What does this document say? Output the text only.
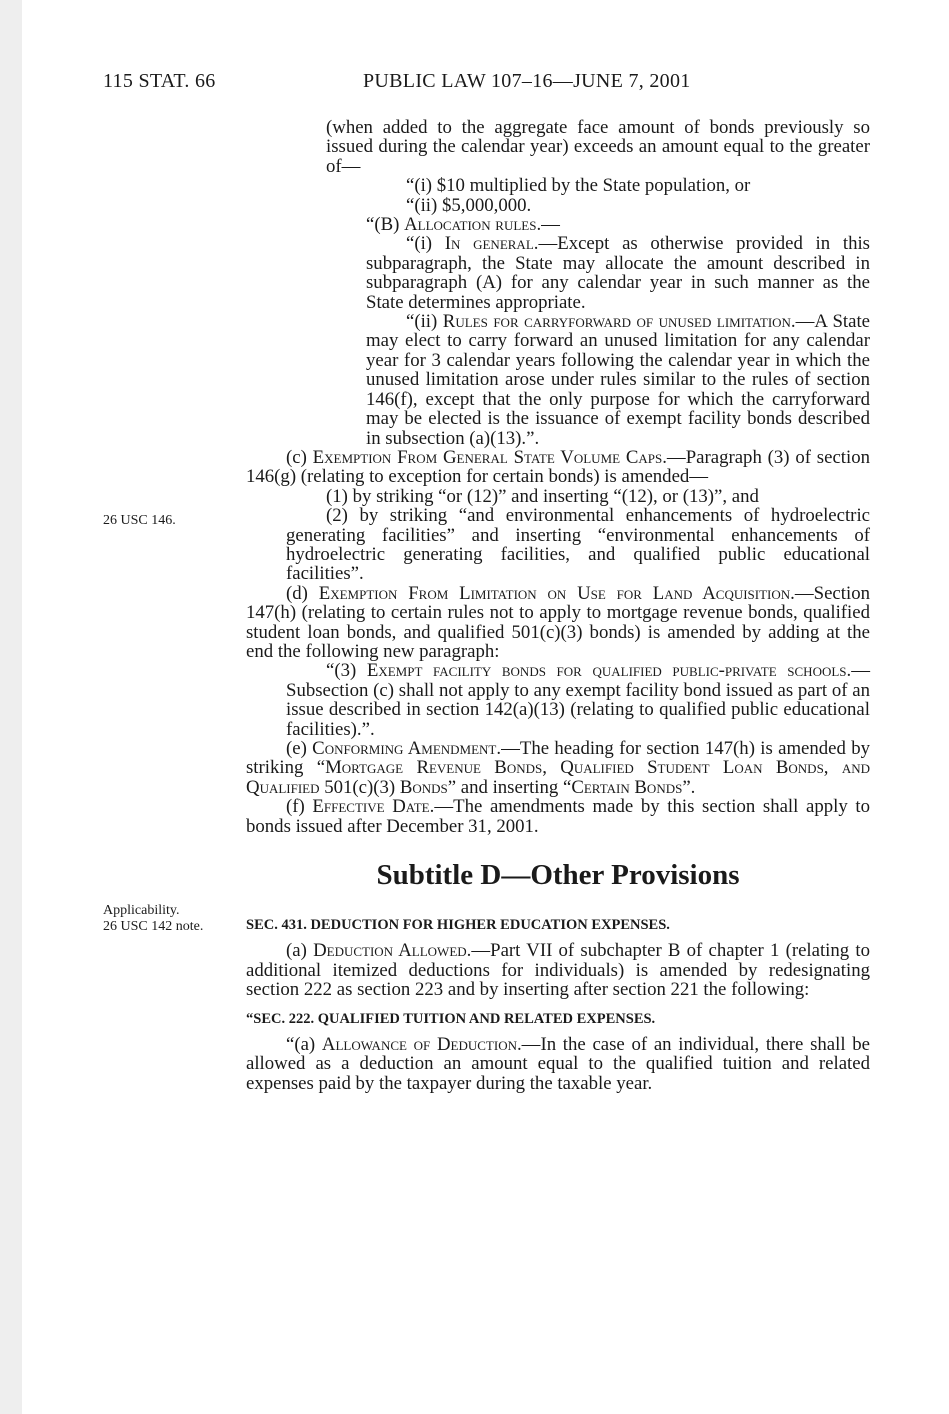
115 STAT. 66	PUBLIC LAW 107–16—JUNE 7, 2001
26 USC 146.
Applicability.
26 USC 142 note.

(when added to the aggregate face amount of bonds previously so issued during the calendar year) exceeds an amount equal to the greater of—

“(i) $10 multiplied by the State population, or

“(ii) $5,000,000.

“(B) Allocation rules.—

“(i) In general.—Except as otherwise provided in this subparagraph, the State may allocate the amount described in subparagraph (A) for any calendar year in such manner as the State determines appropriate.

“(ii) Rules for carryforward of unused limitation.—A State may elect to carry forward an unused limitation for any calendar year for 3 calendar years following the calendar year in which the unused limitation arose under rules similar to the rules of section 146(f), except that the only purpose for which the carryforward may be elected is the issuance of exempt facility bonds described in subsection (a)(13).”.

(c) Exemption From General State Volume Caps.—Paragraph (3) of section 146(g) (relating to exception for certain bonds) is amended—

(1) by striking “or (12)” and inserting “(12), or (13)”, and

(2) by striking “and environmental enhancements of hydroelectric generating facilities” and inserting “environmental enhancements of hydroelectric generating facilities, and qualified public educational facilities”.

(d) Exemption From Limitation on Use for Land Acquisition.—Section 147(h) (relating to certain rules not to apply to mortgage revenue bonds, qualified student loan bonds, and qualified 501(c)(3) bonds) is amended by adding at the end the following new paragraph:

“(3) Exempt facility bonds for qualified public-private schools.—Subsection (c) shall not apply to any exempt facility bond issued as part of an issue described in section 142(a)(13) (relating to qualified public educational facilities).”.

(e) Conforming Amendment.—The heading for section 147(h) is amended by striking “Mortgage Revenue Bonds, Qualified Student Loan Bonds, and Qualified 501(c)(3) Bonds” and inserting “Certain Bonds”.

(f) Effective Date.—The amendments made by this section shall apply to bonds issued after December 31, 2001.

Subtitle D—Other Provisions
SEC. 431. DEDUCTION FOR HIGHER EDUCATION EXPENSES.

(a) Deduction Allowed.—Part VII of subchapter B of chapter 1 (relating to additional itemized deductions for individuals) is amended by redesignating section 222 as section 223 and by inserting after section 221 the following:

“SEC. 222. QUALIFIED TUITION AND RELATED EXPENSES.

“(a) Allowance of Deduction.—In the case of an individual, there shall be allowed as a deduction an amount equal to the qualified tuition and related expenses paid by the taxpayer during the taxable year.
